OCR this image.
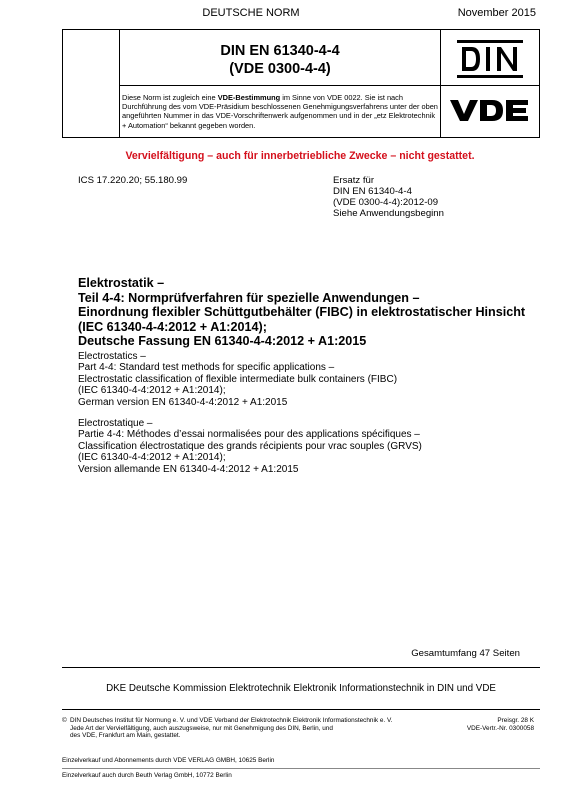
DEUTSCHE NORM	November 2015
DIN EN 61340-4-4
(VDE 0300-4-4)
Diese Norm ist zugleich eine VDE-Bestimmung im Sinne von VDE 0022. Sie ist nach Durchführung des vom VDE-Präsidium beschlossenen Genehmigungsverfahrens unter der oben angeführten Nummer in das VDE-Vorschriftenwerk aufgenommen und in der „etz Elektrotechnik + Automation“ bekannt gegeben worden.
Vervielfältigung – auch für innerbetriebliche Zwecke – nicht gestattet.
ICS 17.220.20; 55.180.99	Ersatz für
DIN EN 61340-4-4
(VDE 0300-4-4):2012-09
Siehe Anwendungsbeginn
Elektrostatik –
Teil 4-4: Normprüfverfahren für spezielle Anwendungen –
Einordnung flexibler Schüttgutbehälter (FIBC) in elektrostatischer Hinsicht
(IEC 61340-4-4:2012 + A1:2014);
Deutsche Fassung EN 61340-4-4:2012 + A1:2015
Electrostatics –
Part 4-4: Standard test methods for specific applications –
Electrostatic classification of flexible intermediate bulk containers (FIBC)
(IEC 61340-4-4:2012 + A1:2014);
German version EN 61340-4-4:2012 + A1:2015
Electrostatique –
Partie 4-4: Méthodes d’essai normalisées pour des applications spécifiques –
Classification électrostatique des grands récipients pour vrac souples (GRVS)
(IEC 61340-4-4:2012 + A1:2014);
Version allemande EN 61340-4-4:2012 + A1:2015
Gesamtumfang 47 Seiten
DKE Deutsche Kommission Elektrotechnik Elektronik Informationstechnik in DIN und VDE
© DIN Deutsches Institut für Normung e. V. und VDE Verband der Elektrotechnik Elektronik Informationstechnik e. V.
Jede Art der Vervielfältigung, auch auszugsweise, nur mit Genehmigung des DIN, Berlin, und
des VDE, Frankfurt am Main, gestattet.
Preisgr. 28 K
VDE-Vertr.-Nr. 0300058
Einzelverkauf und Abonnements durch VDE VERLAG GMBH, 10625 Berlin
Einzelverkauf auch durch Beuth Verlag GmbH, 10772 Berlin
